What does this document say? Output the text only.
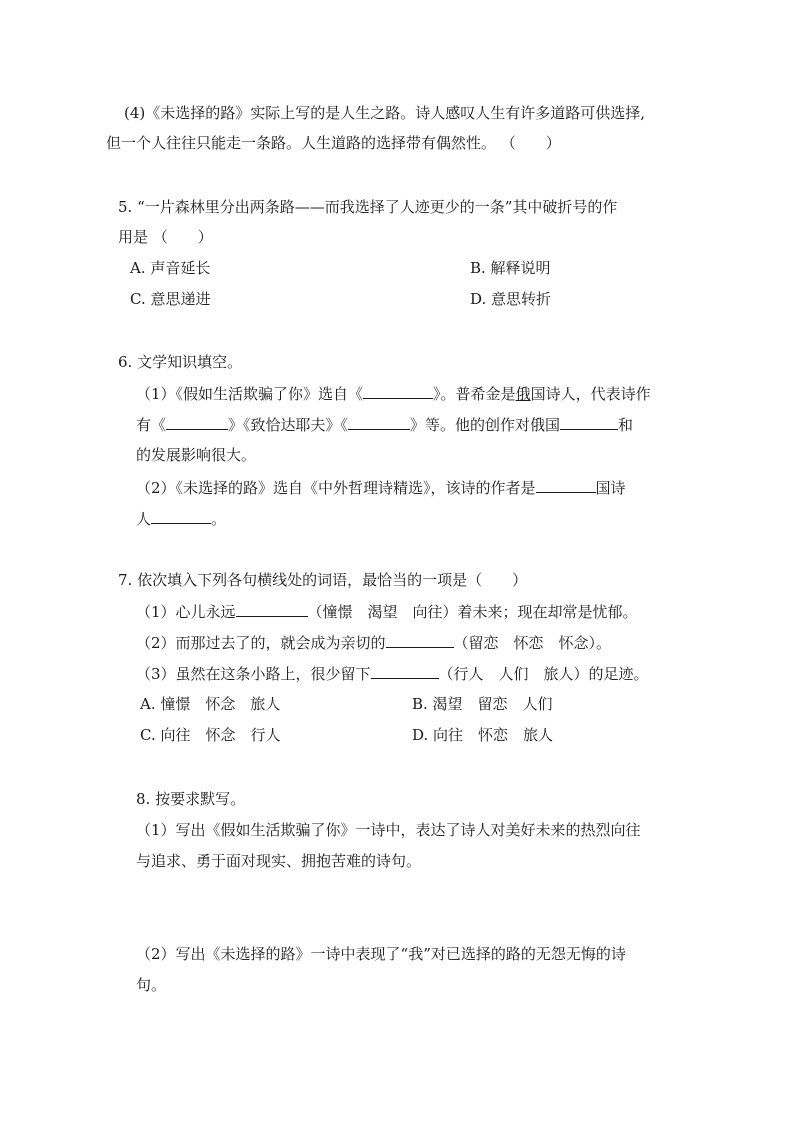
(4)《未选择的路》实际上写的是人生之路。诗人感叹人生有许多道路可供选择,
但一个人往往只能走一条路。人生道路的选择带有偶然性。 （　　）
5. “一片森林里分出两条路——而我选择了人迹更少的一条”其中破折号的作
用是 （　　）
A. 声音延长	B. 解释说明
C. 意思递进	D. 意思转折
6. 文学知识填空。
（1）《假如生活欺骗了你》选自《	》。普希金是俄国诗人，代表诗作
有《	》《致恰达耶夫》《	》等。他的创作对俄国	和
的发展影响很大。
（2）《未选择的路》选自《中外哲理诗精选》，该诗的作者是	国诗
人	。
7. 依次填入下列各句横线处的词语，最恰当的一项是（　　）
（1）心儿永远	（憧憬　渴望　向往）着未来；现在却常是忧郁。
（2）而那过去了的，就会成为亲切的	（留恋　怀恋　怀念）。
（3）虽然在这条小路上，很少留下	（行人　人们　旅人）的足迹。
A. 憧憬　怀念　旅人	B. 渴望　留恋　人们
C. 向往　怀念　行人	D. 向往　怀恋　旅人
8. 按要求默写。
（1）写出《假如生活欺骗了你》一诗中，表达了诗人对美好未来的热烈向往
与追求、勇于面对现实、拥抱苦难的诗句。
（2）写出《未选择的路》一诗中表现了“我”对已选择的路的无怨无悔的诗
句。
